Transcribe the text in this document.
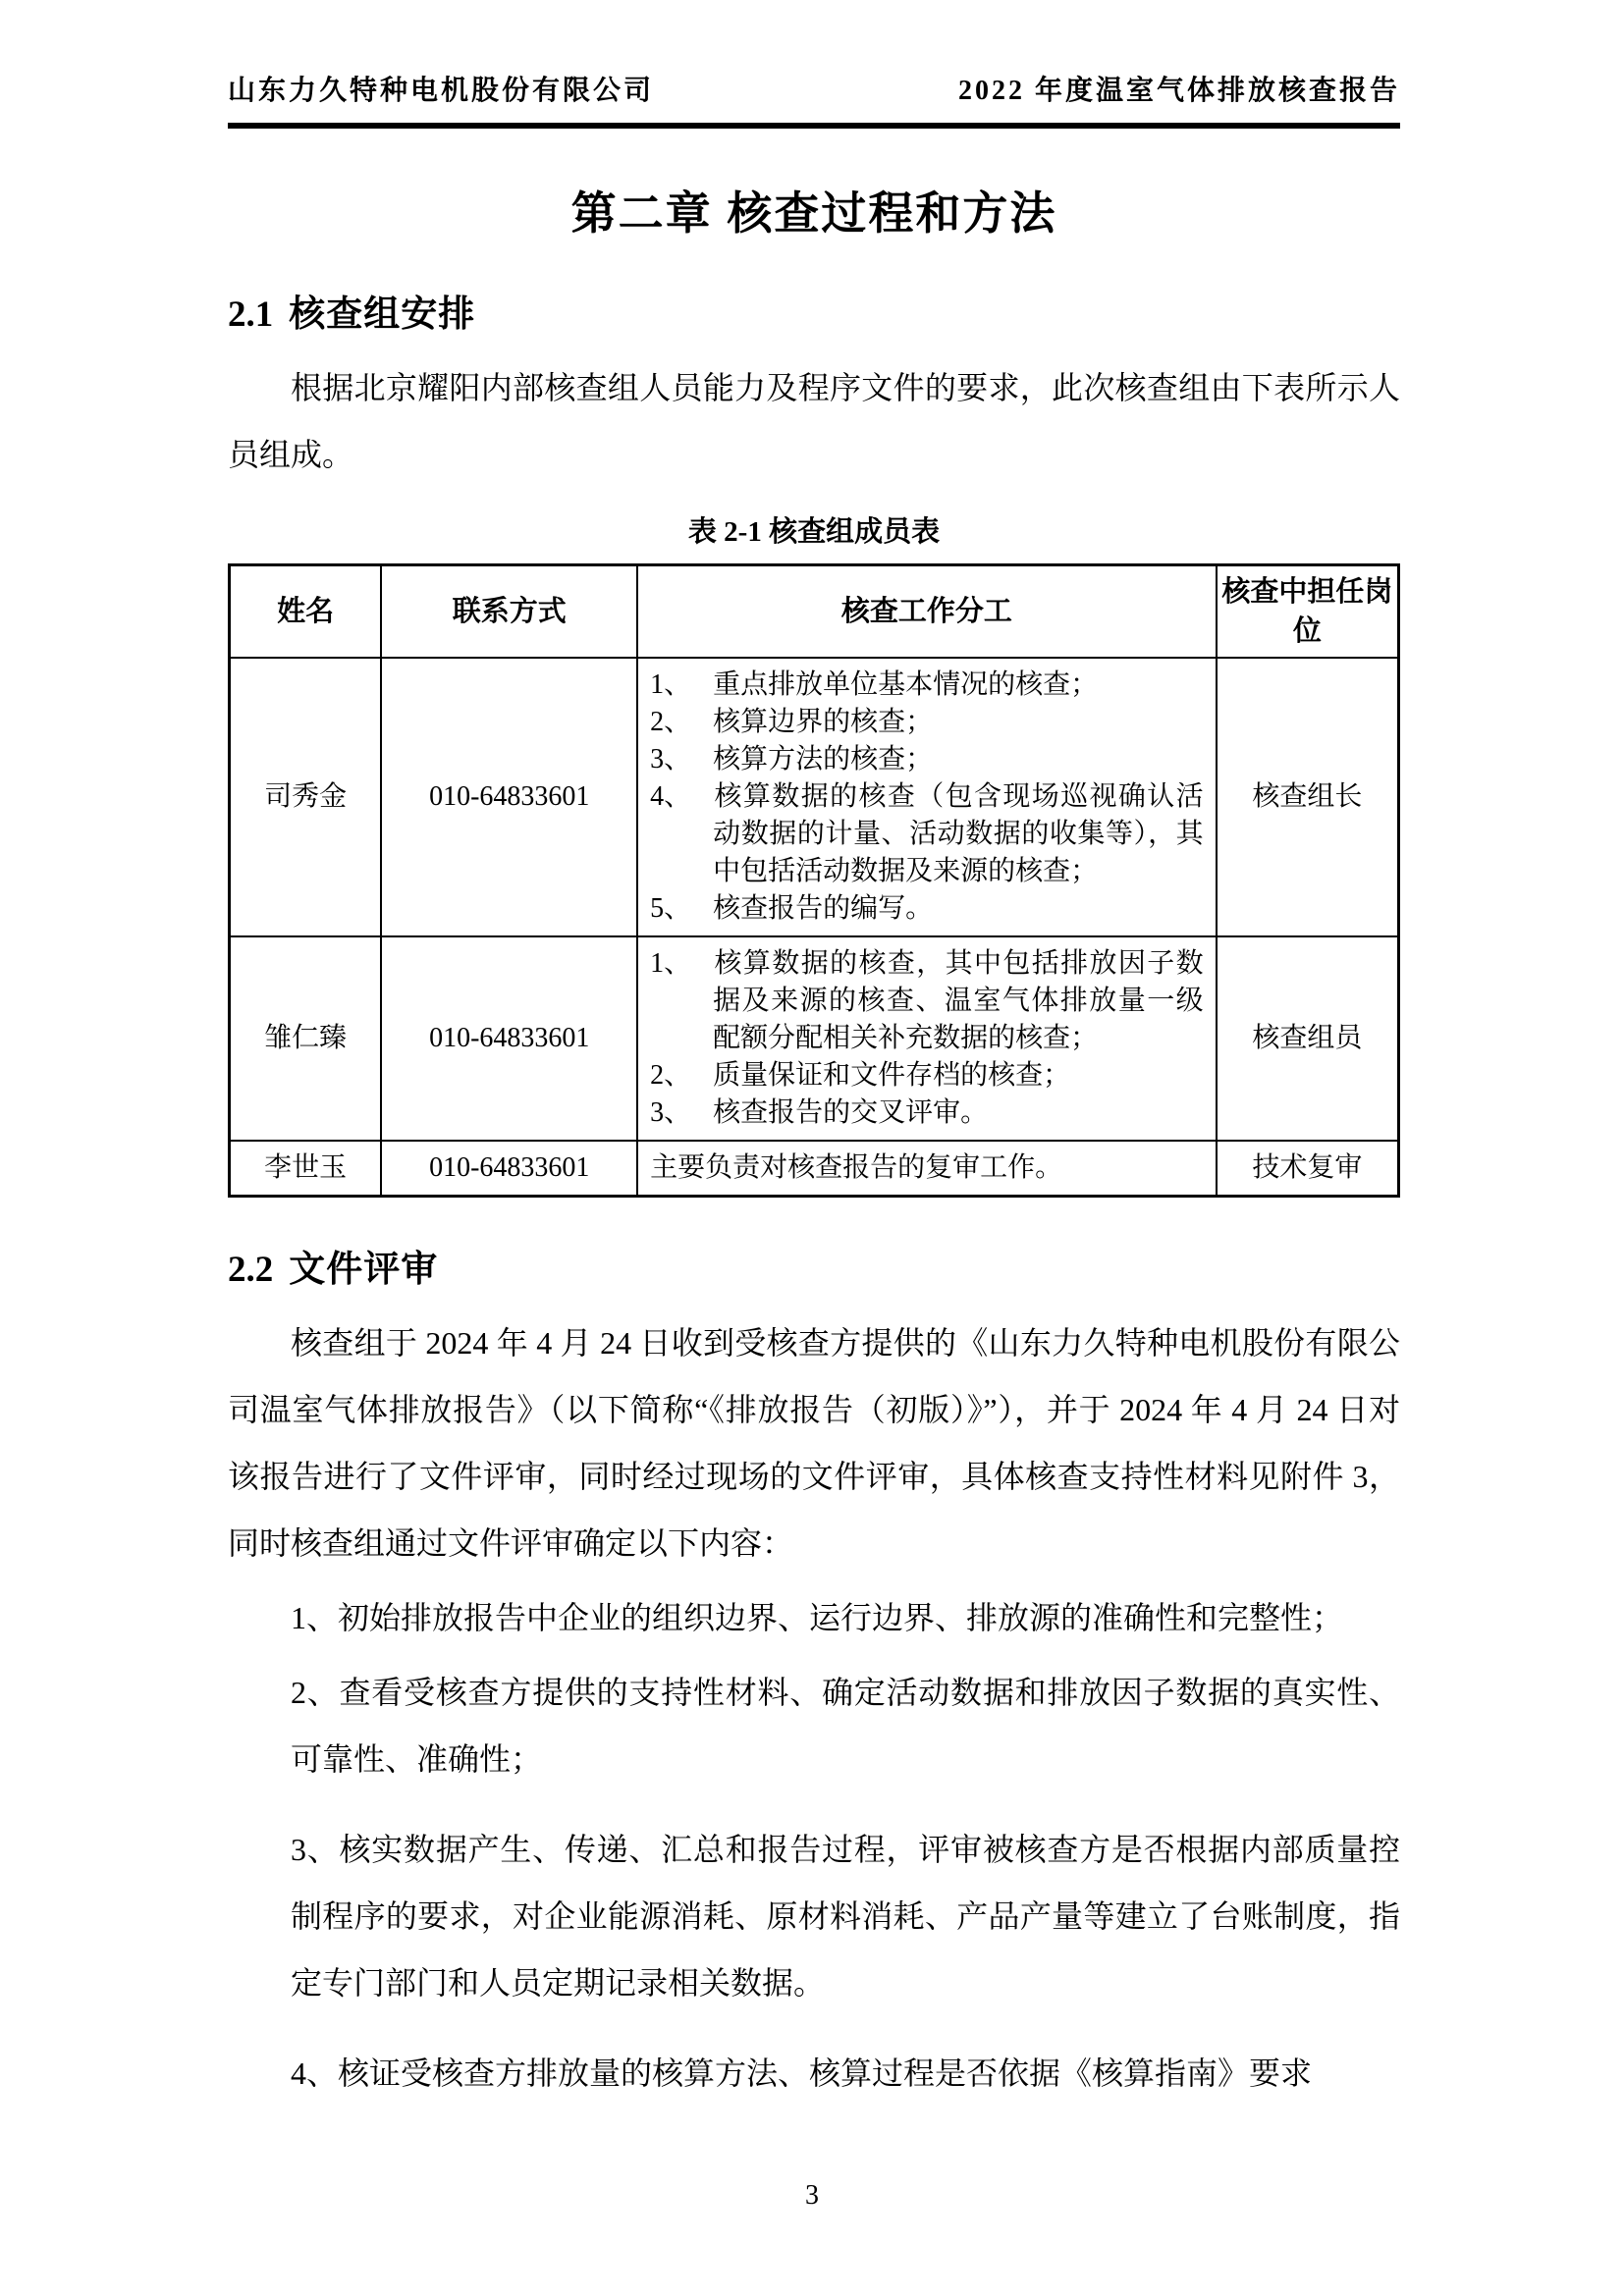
山东力久特种电机股份有限公司	2022 年度温室气体排放核查报告
第二章 核查过程和方法
2.1 核查组安排

根据北京耀阳内部核查组人员能力及程序文件的要求，此次核查组由下表所示人员组成。

表 2-1 核查组成员表
姓名	联系方式	核查工作分工	核查中担任岗位
司秀金	010-64833601	1、 重点排放单位基本情况的核查；
2、 核算边界的核查；
3、 核算方法的核查；
4、 核算数据的核查（包含现场巡视确认活动数据的计量、活动数据的收集等），其中包括活动数据及来源的核查；
5、 核查报告的编写。	核查组长
雏仁臻	010-64833601	1、 核算数据的核查，其中包括排放因子数据及来源的核查、温室气体排放量一级配额分配相关补充数据的核查；
2、 质量保证和文件存档的核查；
3、 核查报告的交叉评审。	核查组员
李世玉	010-64833601	主要负责对核查报告的复审工作。	技术复审
2.2 文件评审

核查组于 2024 年 4 月 24 日收到受核查方提供的《山东力久特种电机股份有限公司温室气体排放报告》（以下简称“《排放报告（初版）》”），并于 2024 年 4 月 24 日对该报告进行了文件评审，同时经过现场的文件评审，具体核查支持性材料见附件 3，同时核查组通过文件评审确定以下内容：

1、初始排放报告中企业的组织边界、运行边界、排放源的准确性和完整性；

2、查看受核查方提供的支持性材料、确定活动数据和排放因子数据的真实性、可靠性、准确性；

3、核实数据产生、传递、汇总和报告过程，评审被核查方是否根据内部质量控制程序的要求，对企业能源消耗、原材料消耗、产品产量等建立了台账制度，指定专门部门和人员定期记录相关数据。

4、核证受核查方排放量的核算方法、核算过程是否依据《核算指南》要求

3
